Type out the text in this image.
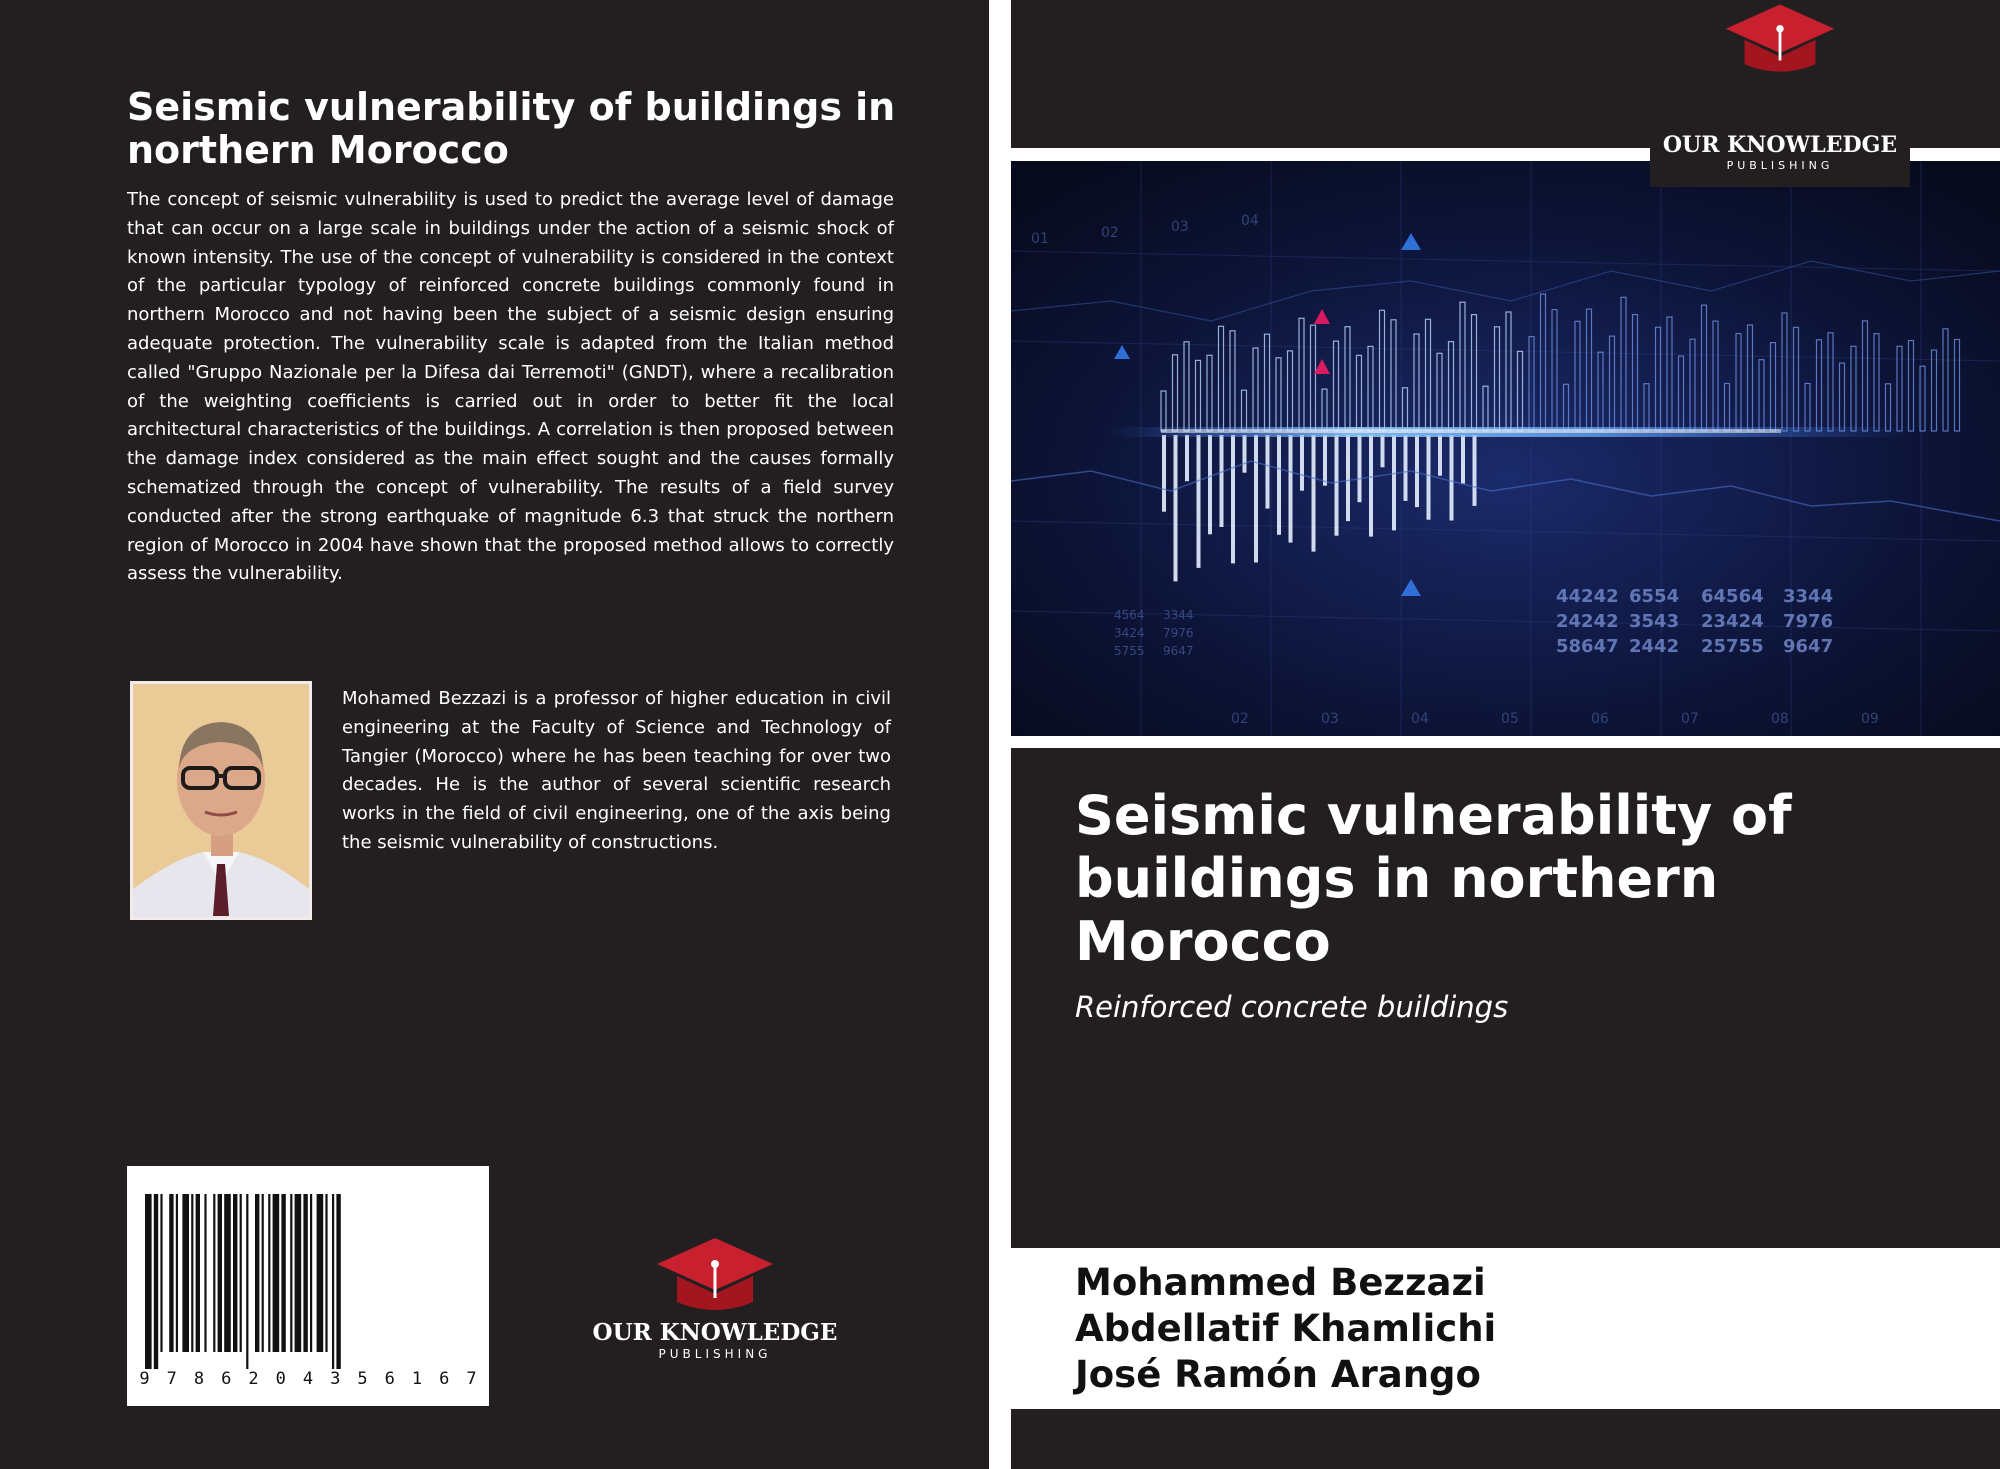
Seismic vulnerability of buildings in northern Morocco

The concept of seismic vulnerability is used to predict the average level of damage that can occur on a large scale in buildings under the action of a seismic shock of known intensity. The use of the concept of vulnerability is considered in the context of the particular typology of reinforced concrete buildings commonly found in northern Morocco and not having been the subject of a seismic design ensuring adequate protection. The vulnerability scale is adapted from the Italian method called "Gruppo Nazionale per la Difesa dai Terremoti" (GNDT), where a recalibration of the weighting coefficients is carried out in order to better fit the local architectural characteristics of the buildings. A correlation is then proposed between the damage index considered as the main effect sought and the causes formally schematized through the concept of vulnerability. The results of a field survey conducted after the strong earthquake of magnitude 6.3 that struck the northern region of Morocco in 2004 have shown that the proposed method allows to correctly assess the vulnerability.

Mohamed Bezzazi is a professor of higher education in civil engineering at the Faculty of Science and Technology of Tangier (Morocco) where he has been teaching for over two decades. He is the author of several scientific research works in the field of civil engineering, one of the axis being the seismic vulnerability of constructions.

9 7 8 6 2 0 4 3 5 6 1 6 7
OUR KNOWLEDGE
PUBLISHING
44242 6554 64564 3344
24242 3543 23424 7976
58647 2442 25755 9647
4564 3344
3424 7976
5755 9647
01	02	03	04
02	03	04	05	06	07	08	09
OUR KNOWLEDGE
PUBLISHING
Seismic vulnerability of buildings in northern Morocco

Reinforced concrete buildings

Mohammed Bezzazi

Abdellatif Khamlichi

José Ramón Arango
